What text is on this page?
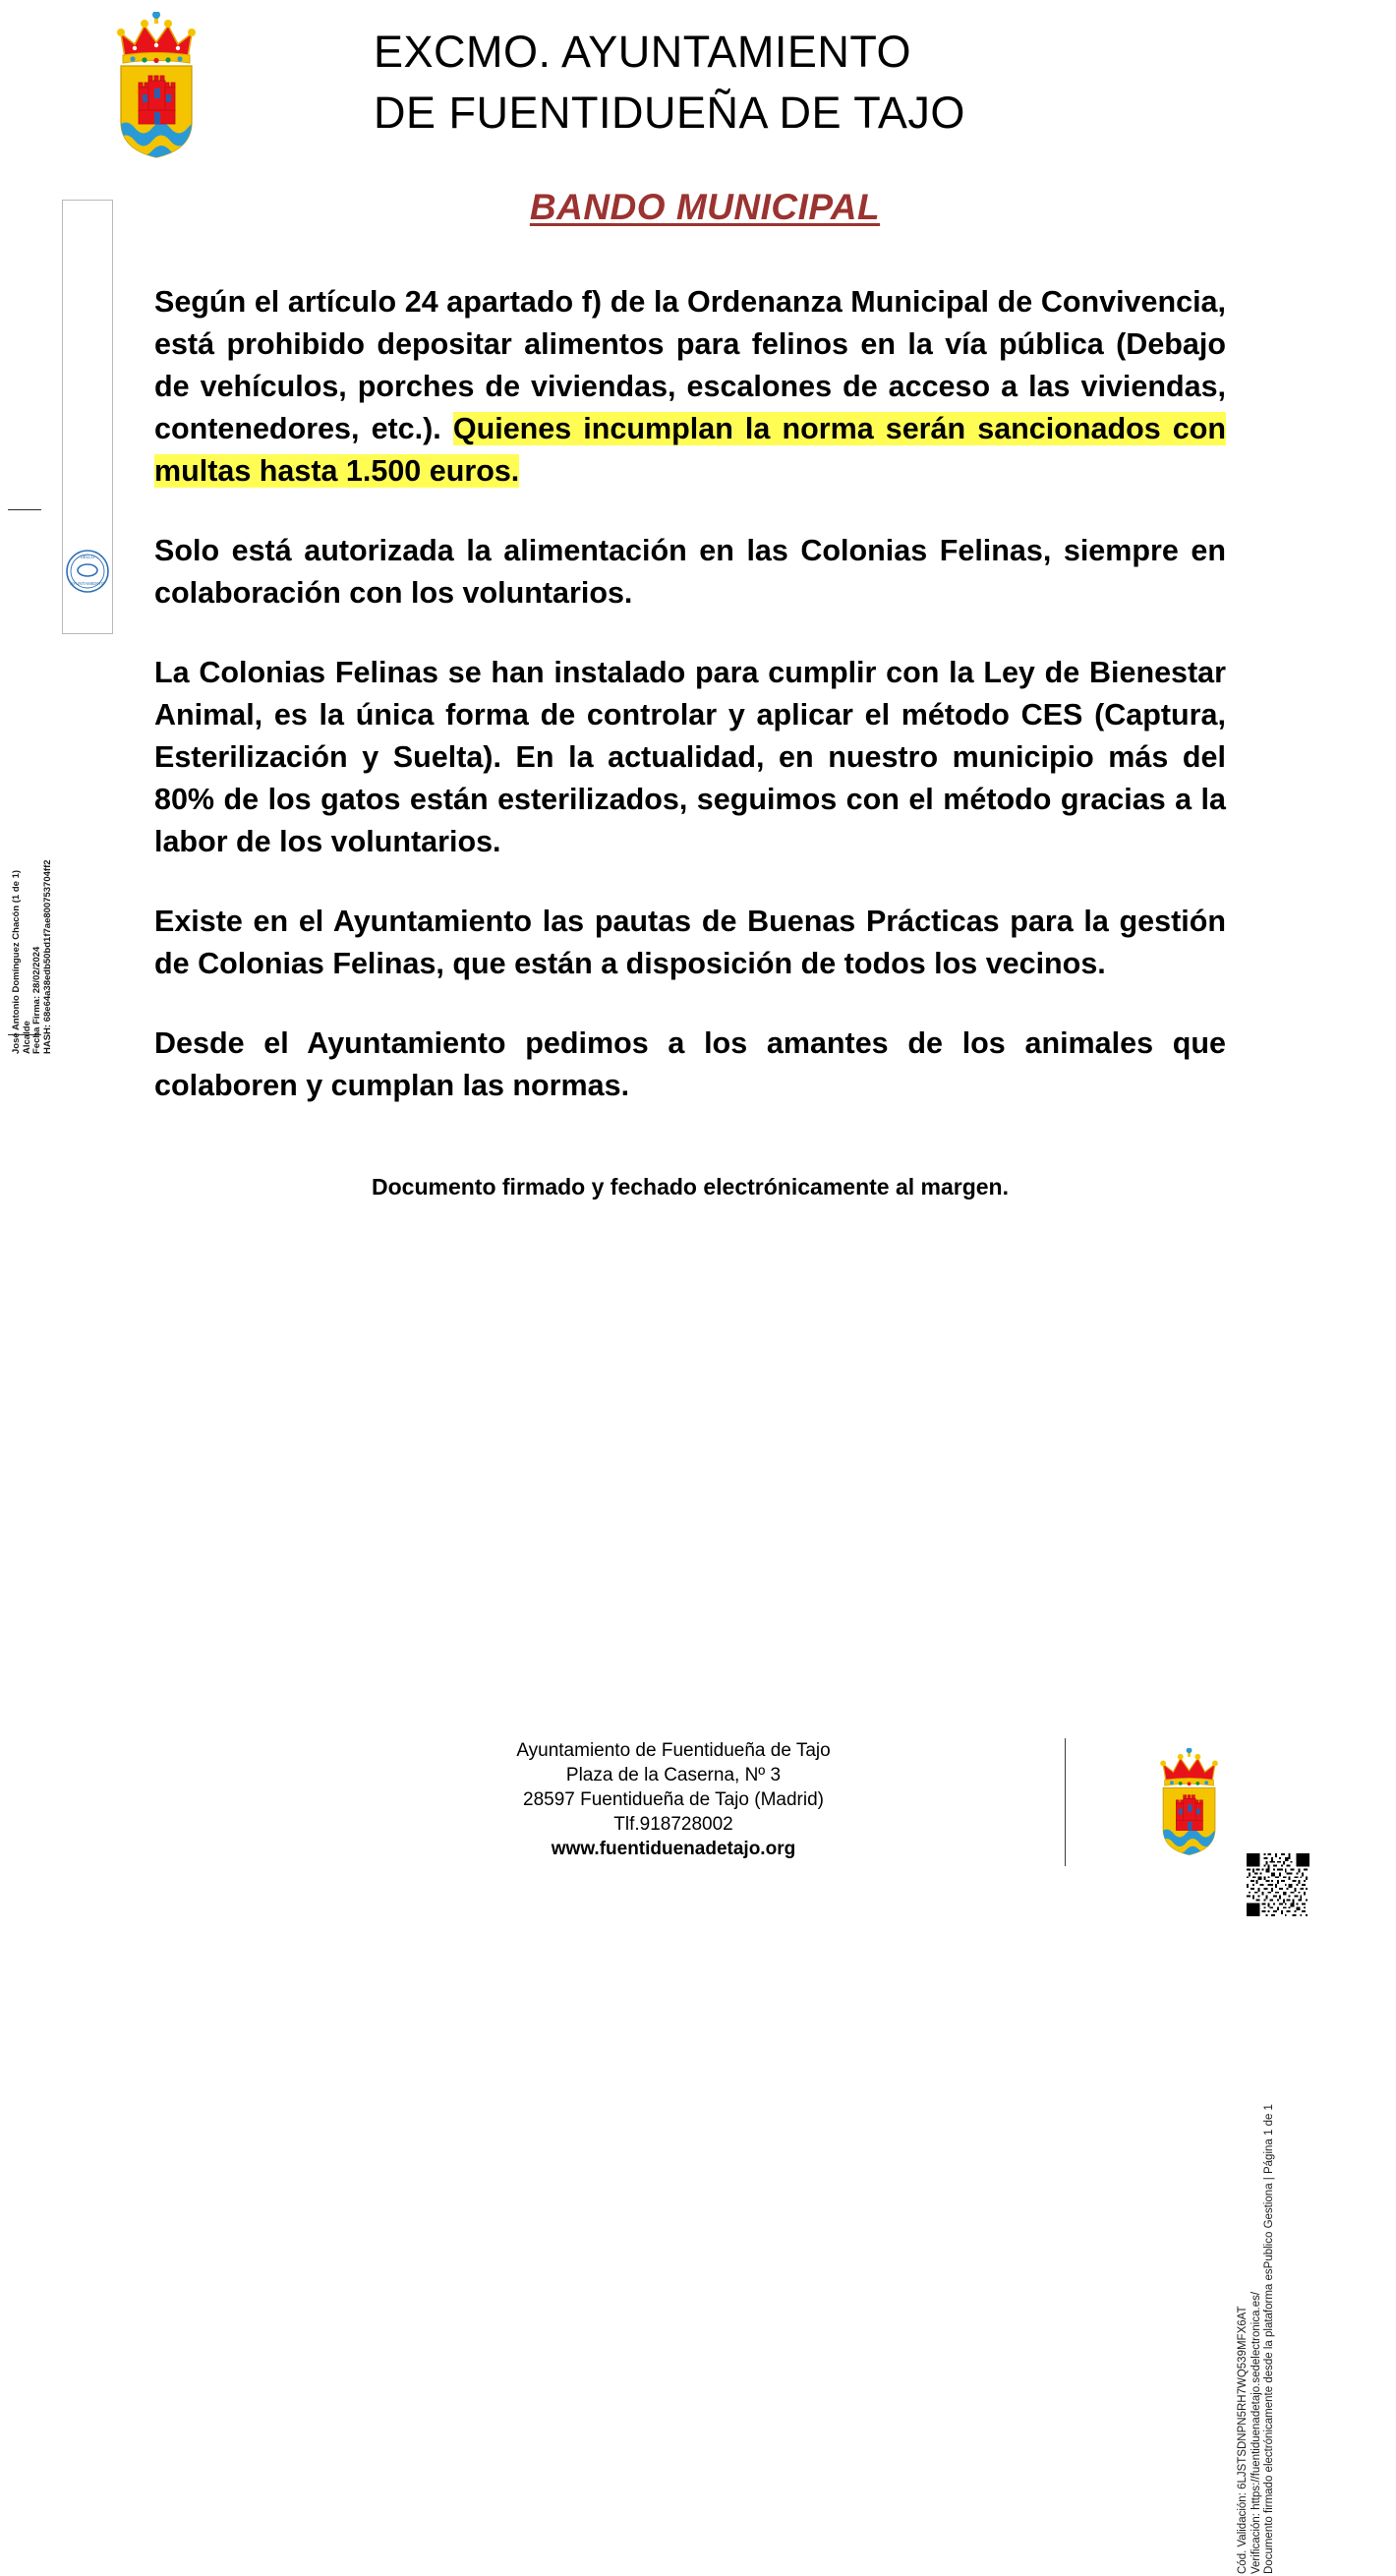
EXCMO. AYUNTAMIENTO
DE FUENTIDUEÑA DE TAJO
José Antonio Domínguez Chacón (1 de 1) Alcalde Fecha Firma: 28/02/2024 HASH: 68e64a38edb50bd1f7ae800753704ff2
AYUNTAMIENTO
SELLO
BANDO MUNICIPAL
Según el artículo 24 apartado f) de la Ordenanza Municipal de Convivencia, está prohibido depositar alimentos para felinos en la vía pública (Debajo de vehículos, porches de viviendas, escalones de acceso a las viviendas, contenedores, etc.). Quienes incumplan la norma serán sancionados con multas hasta 1.500 euros.
Solo está autorizada la alimentación en las Colonias Felinas, siempre en colaboración con los voluntarios.
La Colonias Felinas se han instalado para cumplir con la Ley de Bienestar Animal, es la única forma de controlar y aplicar el método CES (Captura, Esterilización y Suelta). En la actualidad, en nuestro municipio más del 80% de los gatos están esterilizados, seguimos con el método gracias a la labor de los voluntarios.
Existe en el Ayuntamiento las pautas de Buenas Prácticas para la gestión de Colonias Felinas, que están a disposición de todos los vecinos.
Desde el Ayuntamiento pedimos a los amantes de los animales que colaboren y cumplan las normas.
Documento firmado y fechado electrónicamente al margen.
Cód. Validación: 6LJSTSDNPN5RH7WQ539MFX6AT Verificación: https://fuentiduenadetajo.sedelectronica.es/ Documento firmado electrónicamente desde la plataforma esPublico Gestiona | Página 1 de 1
Ayuntamiento de Fuentidueña de Tajo
Plaza de la Caserna, Nº 3
28597 Fuentidueña de Tajo (Madrid)
Tlf.918728002
www.fuentiduenadetajo.org
